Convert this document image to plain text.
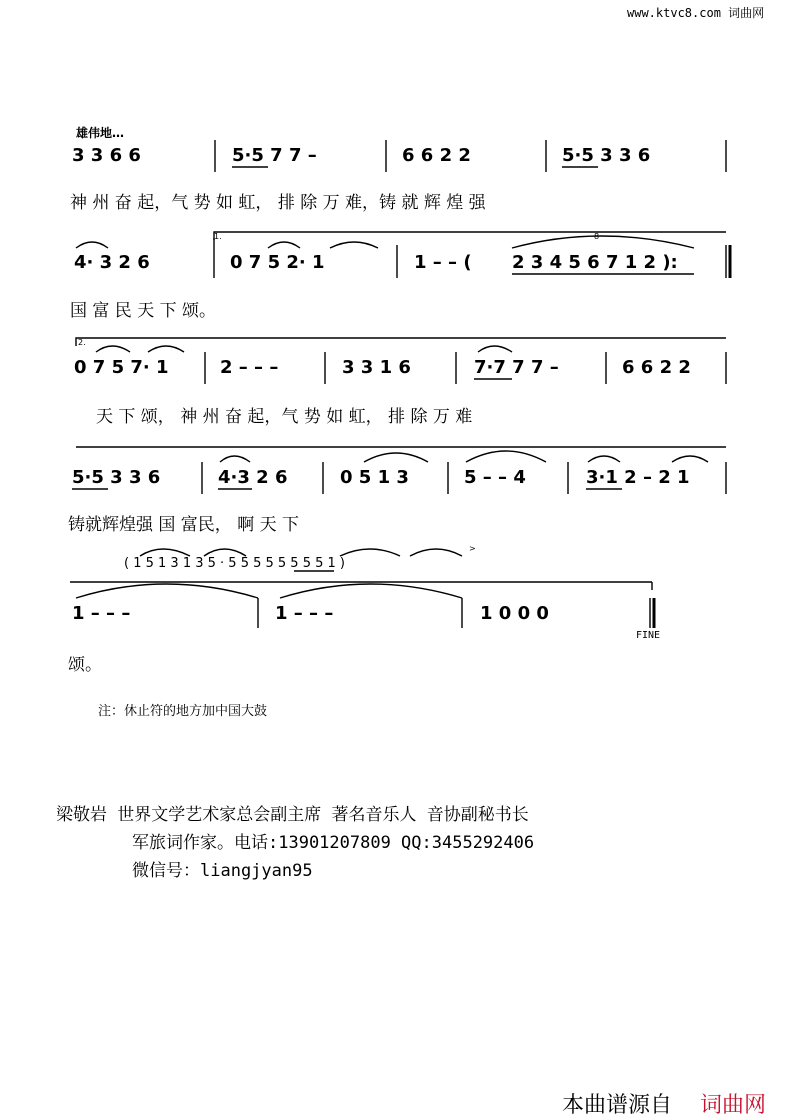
www.ktvc8.com 词曲网
雄伟地…
3 3 6 6	5·5 7 7 –	6 6 2 2	5·5 3 3 6
神 州 奋 起，气 势 如 虹， 排 除 万 难，铸 就 辉 煌 强
4· 3 2 6	0 7 5 2· 1	1 – – ( 2 3 4 5 6 7 1 2 ):
1.	8
国 富 民 天 下 颂。
2.
0 7 5 7· 1	2 – – –	3 3 1 6	7·7 7 7 –	6 6 2 2
天 下 颂， 神 州 奋 起，气 势 如 虹， 排 除 万 难
5·5 3 3 6	4·3 2 6	0 5 1 3	5 – – 4	3·1 2 – 2 1
铸就辉煌强 国 富民， 啊 天 下
( 1 5 1 3 1 3 5 · 5 5 5 5 5 5 5 5 1 )
>
1 – – –	1 – – –	1 0 0 0
FINE
颂。
注：休止符的地方加中国大鼓
梁敬岩 世界文学艺术家总会副主席 著名音乐人 音协副秘书长
军旅词作家。电话:13901207809 QQ:3455292406
微信号：liangjyan95
本曲谱源自 词曲网
